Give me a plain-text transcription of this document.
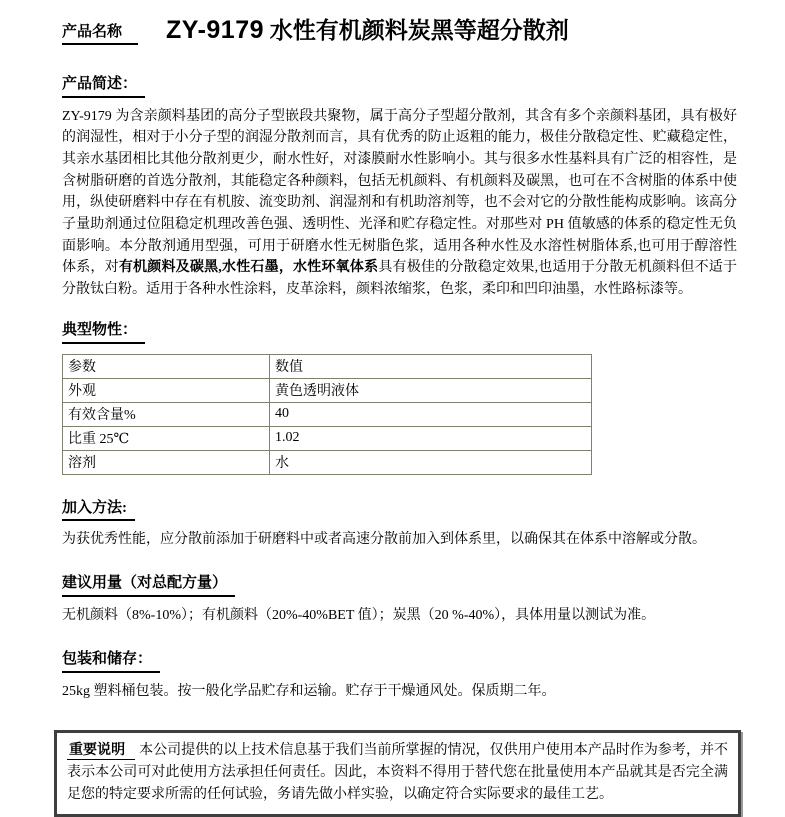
产品名称	ZY-9179 水性有机颜料炭黑等超分散剂
产品简述：

ZY-9179 为含亲颜料基团的高分子型嵌段共聚物，属于高分子型超分散剂，其含有多个亲颜料基团，具有极好的润湿性，相对于小分子型的润湿分散剂而言，具有优秀的防止返粗的能力，极佳分散稳定性、贮藏稳定性，其亲水基团相比其他分散剂更少，耐水性好，对漆膜耐水性影响小。其与很多水性基料具有广泛的相容性，是含树脂研磨的首选分散剂，其能稳定各种颜料，包括无机颜料、有机颜料及碳黑，也可在不含树脂的体系中使用，纵使研磨料中存在有机胺、流变助剂、润湿剂和有机助溶剂等，也不会对它的分散性能构成影响。该高分子量助剂通过位阻稳定机理改善色强、透明性、光泽和贮存稳定性。对那些对 PH 值敏感的体系的稳定性无负面影响。本分散剂通用型强，可用于研磨水性无树脂色浆，适用各种水性及水溶性树脂体系,也可用于醇溶性体系，对有机颜料及碳黑,水性石墨，水性环氧体系具有极佳的分散稳定效果,也适用于分散无机颜料但不适于分散钛白粉。适用于各种水性涂料，皮革涂料，颜料浓缩浆，色浆，柔印和凹印油墨，水性路标漆等。

典型物性：
参数	数值
外观	黄色透明液体
有效含量%	40
比重 25℃	1.02
溶剂	水
加入方法:

为获优秀性能，应分散前添加于研磨料中或者高速分散前加入到体系里，以确保其在体系中溶解或分散。

建议用量（对总配方量）

无机颜料（8%-10%）；有机颜料（20%-40%BET 值）；炭黑（20 %-40%），具体用量以测试为准。

包装和储存：

25kg 塑料桶包装。按一般化学品贮存和运输。贮存于干燥通风处。保质期二年。

重要说明 本公司提供的以上技术信息基于我们当前所掌握的情况，仅供用户使用本产品时作为参考，并不表示本公司可对此使用方法承担任何责任。因此，本资料不得用于替代您在批量使用本产品就其是否完全满足您的特定要求所需的任何试验，务请先做小样实验，以确定符合实际要求的最佳工艺。
